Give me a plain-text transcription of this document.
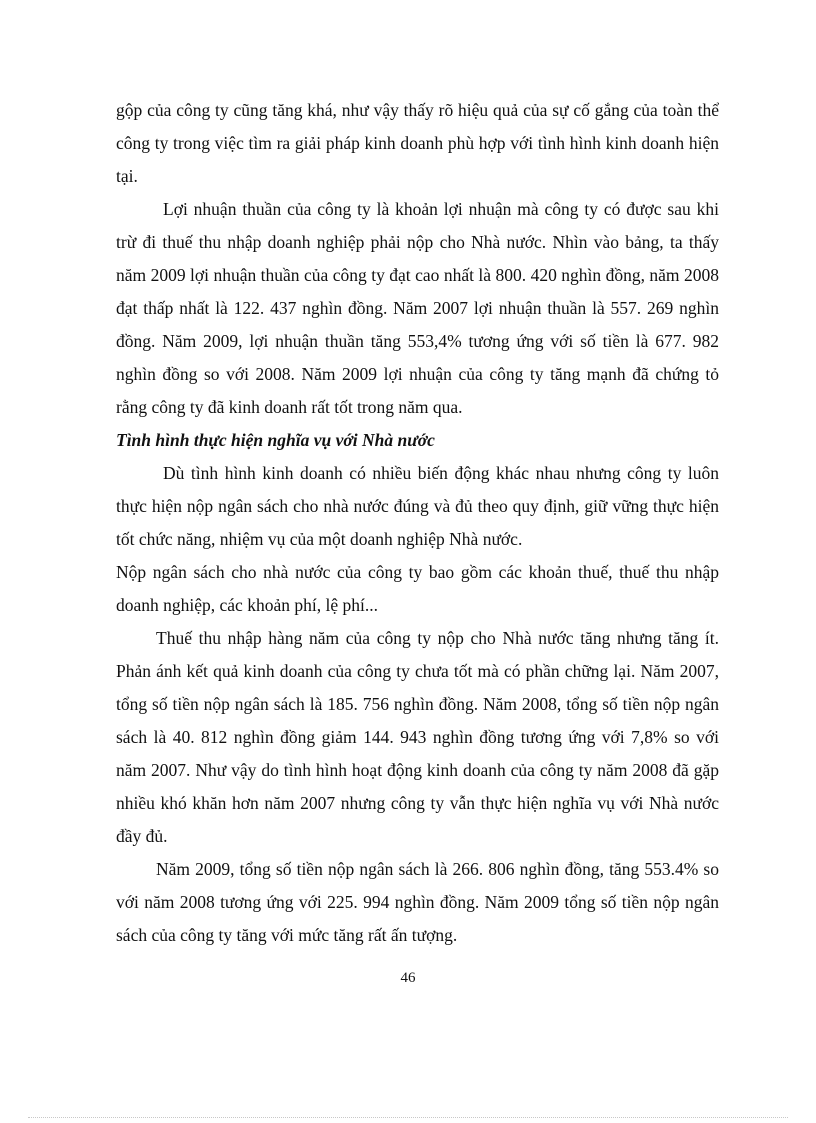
gộp của công ty cũng tăng khá, như vậy thấy rõ hiệu quả của sự cố gắng của toàn thể công ty trong việc tìm ra giải pháp kinh doanh phù hợp với tình hình kinh doanh hiện tại.

Lợi nhuận thuần của công ty là khoản lợi nhuận mà công ty có được sau khi trừ đi thuế thu nhập doanh nghiệp phải nộp cho Nhà nước. Nhìn vào bảng, ta thấy năm 2009 lợi nhuận thuần của công ty đạt cao nhất là 800. 420 nghìn đồng, năm 2008 đạt thấp nhất là 122. 437 nghìn đồng. Năm 2007 lợi nhuận thuần là 557. 269 nghìn đồng. Năm 2009, lợi nhuận thuần tăng 553,4% tương ứng với số tiền là 677. 982 nghìn đồng so với 2008. Năm 2009 lợi nhuận của công ty tăng mạnh đã chứng tỏ rằng công ty đã kinh doanh rất tốt trong năm qua.

Tình hình thực hiện nghĩa vụ với Nhà nước

Dù tình hình kinh doanh có nhiều biến động khác nhau nhưng công ty luôn thực hiện nộp ngân sách cho nhà nước đúng và đủ theo quy định, giữ vững thực hiện tốt chức năng, nhiệm vụ của một doanh nghiệp Nhà nước.

Nộp ngân sách cho nhà nước của công ty bao gồm các khoản thuế, thuế thu nhập doanh nghiệp, các khoản phí, lệ phí...

Thuế thu nhập hàng năm của công ty nộp cho Nhà nước tăng nhưng tăng ít. Phản ánh kết quả kinh doanh của công ty chưa tốt mà có phần chững lại. Năm 2007, tổng số tiền nộp ngân sách là 185. 756 nghìn đồng. Năm 2008, tổng số tiền nộp ngân sách là 40. 812 nghìn đồng giảm 144. 943 nghìn đồng tương ứng với 7,8% so với năm 2007. Như vậy do tình hình hoạt động kinh doanh của công ty năm 2008 đã gặp nhiều khó khăn hơn năm 2007 nhưng công ty vẫn thực hiện nghĩa vụ với Nhà nước đầy đủ.

Năm 2009, tổng số tiền nộp ngân sách là 266. 806 nghìn đồng, tăng 553.4% so với năm 2008 tương ứng với 225. 994 nghìn đồng. Năm 2009 tổng số tiền nộp ngân sách của công ty tăng với mức tăng rất ấn tượng.

46
